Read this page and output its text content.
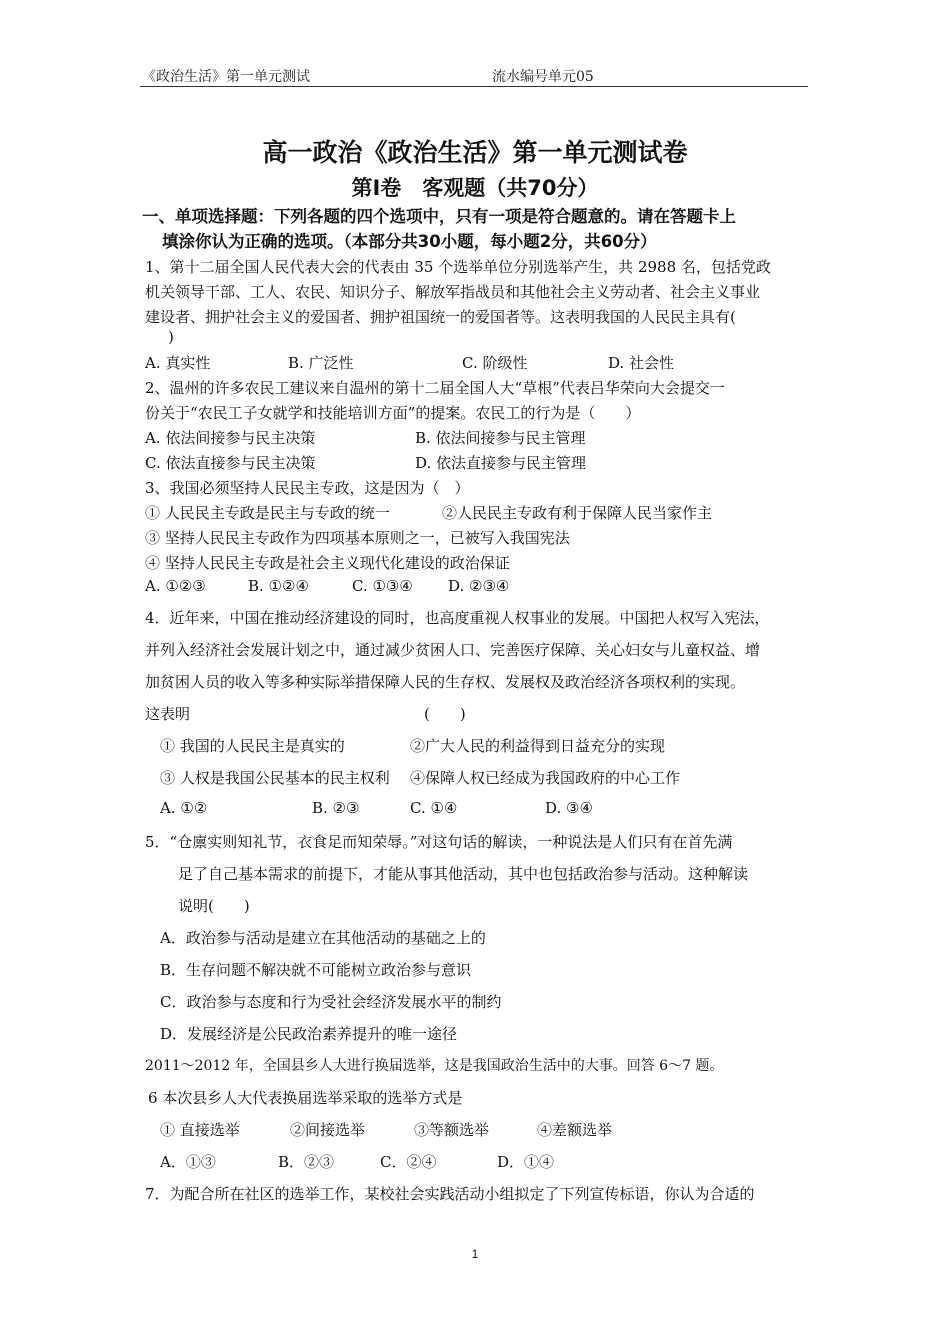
《政治生活》第一单元测试	流水编号单元05
高一政治《政治生活》第一单元测试卷
第Ⅰ卷　客观题（共70分）
一、单项选择题：下列各题的四个选项中，只有一项是符合题意的。请在答题卡上
填涂你认为正确的选项。（本部分共30小题，每小题2分，共60分）
1、第十二届全国人民代表大会的代表由 35 个选举单位分别选举产生，共 2988 名，包括党政
机关领导干部、工人、农民、知识分子、解放军指战员和其他社会主义劳动者、社会主义事业
建设者、拥护社会主义的爱国者、拥护祖国统一的爱国者等。这表明我国的人民民主具有(
)
A. 真实性	B. 广泛性	C. 阶级性	D. 社会性
2、温州的许多农民工建议来自温州的第十二届全国人大“草根”代表吕华荣向大会提交一
份关于“农民工子女就学和技能培训方面”的提案。农民工的行为是（　　）
A. 依法间接参与民主决策	B. 依法间接参与民主管理
C. 依法直接参与民主决策	D. 依法直接参与民主管理
3、我国必须坚持人民民主专政，这是因为（　）
① 人民民主专政是民主与专政的统一	②人民民主专政有利于保障人民当家作主
③ 坚持人民民主专政作为四项基本原则之一，已被写入我国宪法
④ 坚持人民民主专政是社会主义现代化建设的政治保证
A. ①②③	B. ①②④	C. ①③④ D. ②③④
4．近年来，中国在推动经济建设的同时，也高度重视人权事业的发展。中国把人权写入宪法，
并列入经济社会发展计划之中，通过减少贫困人口、完善医疗保障、关心妇女与儿童权益、增
加贫困人员的收入等多种实际举措保障人民的生存权、发展权及政治经济各项权利的实现。
这表明	(　　)
① 我国的人民民主是真实的	②广大人民的利益得到日益充分的实现
③ 人权是我国公民基本的民主权利 ④保障人权已经成为我国政府的中心工作
A. ①②	B. ②③	C. ①④	D. ③④
5．“仓廪实则知礼节，衣食足而知荣辱。”对这句话的解读，一种说法是人们只有在首先满
足了自己基本需求的前提下，才能从事其他活动，其中也包括政治参与活动。这种解读
说明(　　)
A．政治参与活动是建立在其他活动的基础之上的
B．生存问题不解决就不可能树立政治参与意识
C．政治参与态度和行为受社会经济发展水平的制约
D．发展经济是公民政治素养提升的唯一途径
2011～2012 年，全国县乡人大进行换届选举，这是我国政治生活中的大事。回答 6～7 题。
6 本次县乡人大代表换届选举采取的选举方式是
① 直接选举	②间接选举	③等额选举	④差额选举
A．①③	B．②③	C．②④	D．①④
7．为配合所在社区的选举工作，某校社会实践活动小组拟定了下列宣传标语，你认为合适的
1
